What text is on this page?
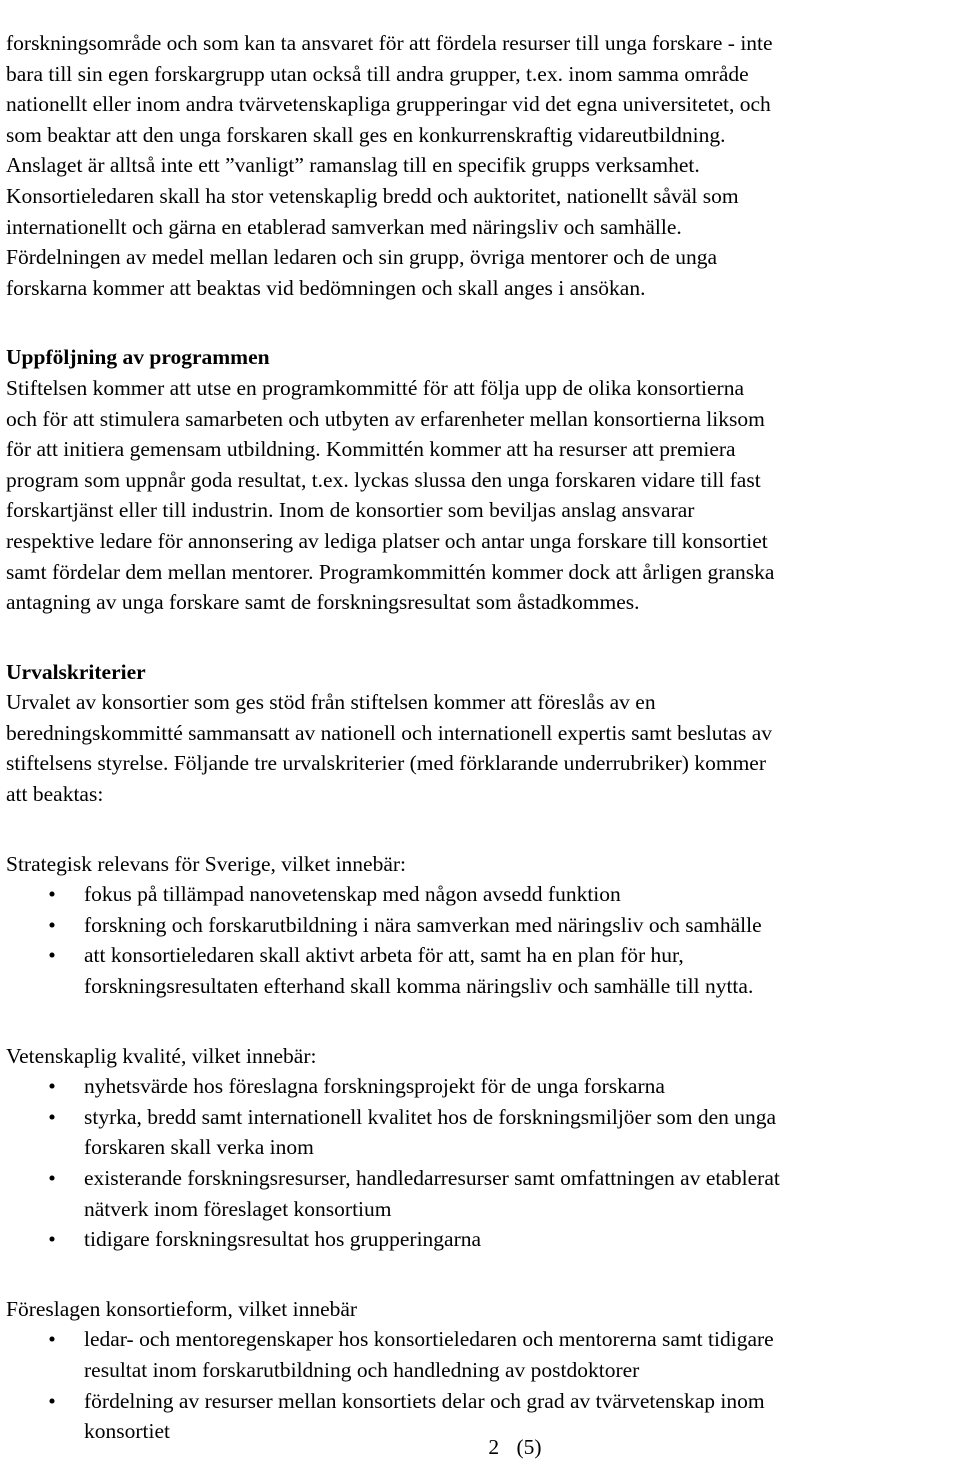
forskningsområde och som kan ta ansvaret för att fördela resurser till unga forskare - inte
bara till sin egen forskargrupp utan också till andra grupper, t.ex. inom samma område
nationellt eller inom andra tvärvetenskapliga grupperingar vid det egna universitetet, och
som beaktar att den unga forskaren skall ges en konkurrenskraftig vidareutbildning.
Anslaget är alltså inte ett ”vanligt” ramanslag till en specifik grupps verksamhet.
Konsortieledaren skall ha stor vetenskaplig bredd och auktoritet, nationellt såväl som
internationellt och gärna en etablerad samverkan med näringsliv och samhälle.
Fördelningen av medel mellan ledaren och sin grupp, övriga mentorer och de unga
forskarna kommer att beaktas vid bedömningen och skall anges i ansökan.

Uppföljning av programmen

Stiftelsen kommer att utse en programkommitté för att följa upp de olika konsortierna
och för att stimulera samarbeten och utbyten av erfarenheter mellan konsortierna liksom
för att initiera gemensam utbildning. Kommittén kommer att ha resurser att premiera
program som uppnår goda resultat, t.ex. lyckas slussa den unga forskaren vidare till fast
forskartjänst eller till industrin. Inom de konsortier som beviljas anslag ansvarar
respektive ledare för annonsering av lediga platser och antar unga forskare till konsortiet
samt fördelar dem mellan mentorer. Programkommittén kommer dock att årligen granska
antagning av unga forskare samt de forskningsresultat som åstadkommes.

Urvalskriterier

Urvalet av konsortier som ges stöd från stiftelsen kommer att föreslås av en
beredningskommitté sammansatt av nationell och internationell expertis samt beslutas av
stiftelsens styrelse. Följande tre urvalskriterier (med förklarande underrubriker) kommer
att beaktas:

Strategisk relevans för Sverige, vilket innebär:

• fokus på tillämpad nanovetenskap med någon avsedd funktion
• forskning och forskarutbildning i nära samverkan med näringsliv och samhälle
• att konsortieledaren skall aktivt arbeta för att, samt ha en plan för hur,
forskningsresultaten efterhand skall komma näringsliv och samhälle till nytta.

Vetenskaplig kvalité, vilket innebär:

• nyhetsvärde hos föreslagna forskningsprojekt för de unga forskarna
• styrka, bredd samt internationell kvalitet hos de forskningsmiljöer som den unga
forskaren skall verka inom
• existerande forskningsresurser, handledarresurser samt omfattningen av etablerat
nätverk inom föreslaget konsortium
• tidigare forskningsresultat hos grupperingarna

Föreslagen konsortieform, vilket innebär

• ledar- och mentoregenskaper hos konsortieledaren och mentorerna samt tidigare
resultat inom forskarutbildning och handledning av postdoktorer
• fördelning av resurser mellan konsortiets delar och grad av tvärvetenskap inom
konsortiet
2 (5)
